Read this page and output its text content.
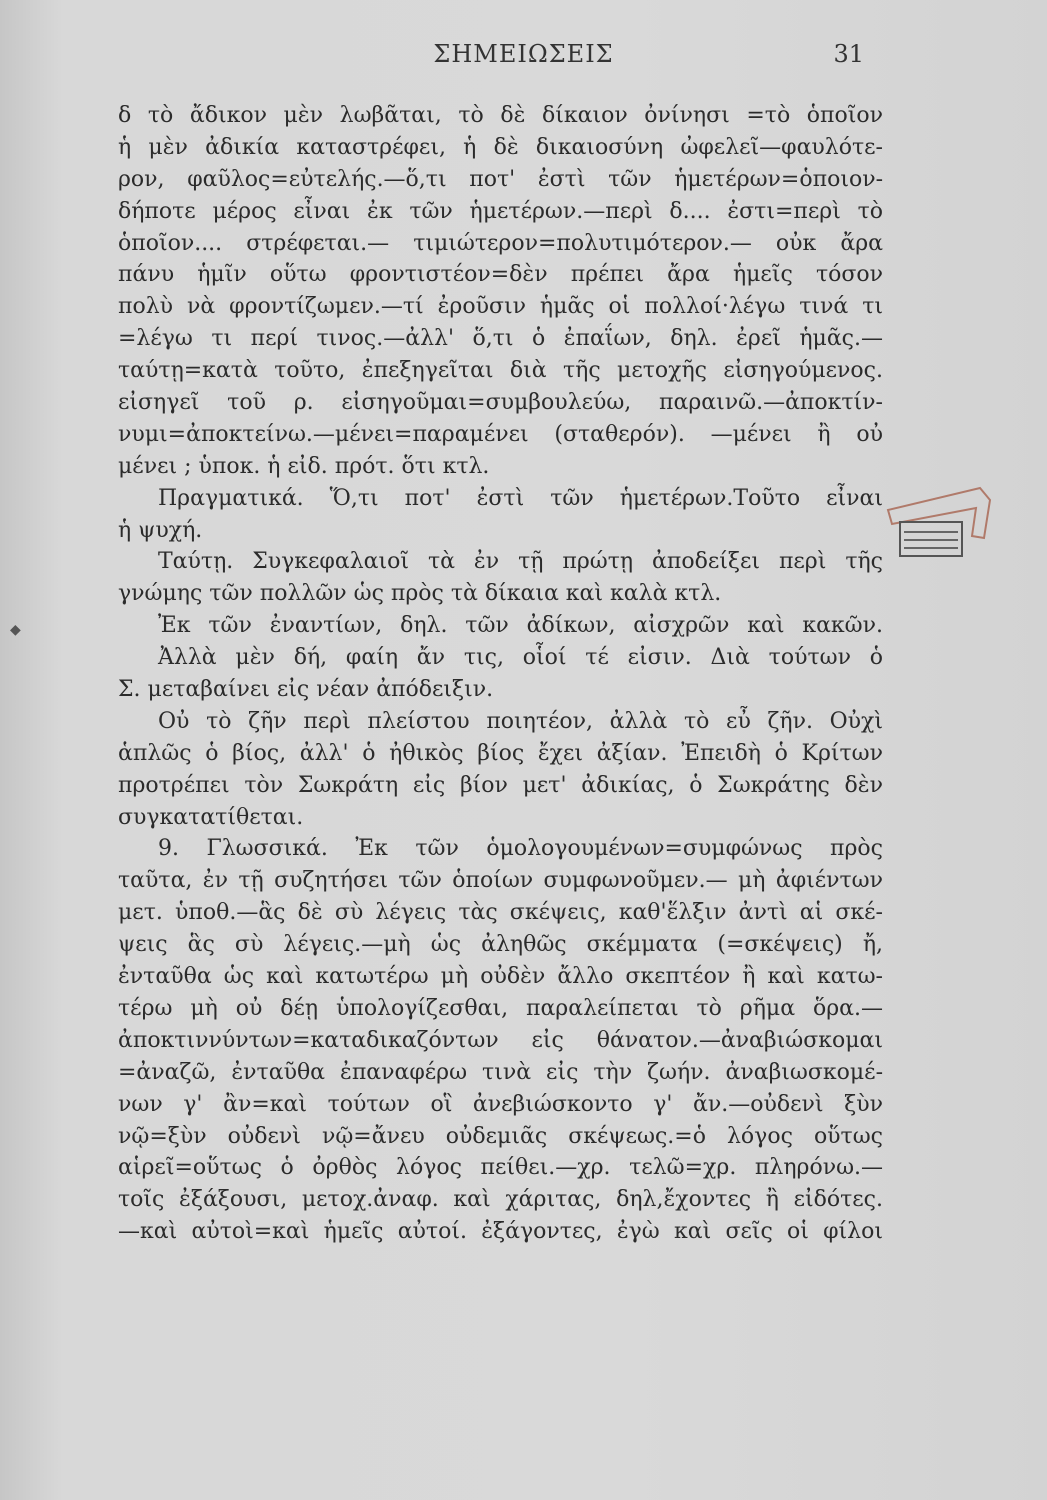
ΣΗΜΕΙΩΣΕΙΣ	31
◆
δ τὸ ἄδικον μὲν λωβᾶται, τὸ δὲ δίκαιον ὀνίνησι =τὸ ὁποῖον
ἡ μὲν ἀδικία καταστρέφει, ἡ δὲ δικαιοσύνη ὠφελεῖ—φαυλότε-
ρον, φαῦλος=εὐτελής.—ὅ,τι ποτ' ἐστὶ τῶν ἡμετέρων=ὁποιον-
δήποτε μέρος εἶναι ἐκ τῶν ἡμετέρων.—περὶ δ.... ἐστι=περὶ τὸ
ὁποῖον.... στρέφεται.— τιμιώτερον=πολυτιμότερον.— οὐκ ἄρα
πάνυ ἡμῖν οὕτω φροντιστέον=δὲν πρέπει ἄρα ἡμεῖς τόσον
πολὺ νὰ φροντίζωμεν.—τί ἐροῦσιν ἡμᾶς οἱ πολλοί·λέγω τινά τι
=λέγω τι περί τινος.—ἀλλ' ὅ,τι ὁ ἐπαΐων, δηλ. ἐρεῖ ἡμᾶς.—
ταύτῃ=κατὰ τοῦτο, ἐπεξηγεῖται διὰ τῆς μετοχῆς εἰσηγούμενος.
εἰσηγεῖ τοῦ ρ. εἰσηγοῦμαι=συμβουλεύω, παραινῶ.—ἀποκτίν-
νυμι=ἀποκτείνω.—μένει=παραμένει (σταθερόν). —μένει ἢ οὐ
μένει ; ὑποκ. ἡ εἰδ. πρότ. ὅτι κτλ.
Πραγματικά. Ὅ,τι ποτ' ἐστὶ τῶν ἡμετέρων.Τοῦτο εἶναι
ἡ ψυχή.
Ταύτῃ. Συγκεφαλαιοῖ τὰ ἐν τῇ πρώτῃ ἀποδείξει περὶ τῆς
γνώμης τῶν πολλῶν ὡς πρὸς τὰ δίκαια καὶ καλὰ κτλ.
Ἐκ τῶν ἐναντίων, δηλ. τῶν ἀδίκων, αἰσχρῶν καὶ κακῶν.
Ἀλλὰ μὲν δή, φαίη ἄν τις, οἷοί τέ εἰσιν. Διὰ τούτων ὁ
Σ. μεταβαίνει εἰς νέαν ἀπόδειξιν.
Οὐ τὸ ζῆν περὶ πλείστου ποιητέον, ἀλλὰ τὸ εὖ ζῆν. Οὐχὶ
ἁπλῶς ὁ βίος, ἀλλ' ὁ ἠθικὸς βίος ἔχει ἀξίαν. Ἐπειδὴ ὁ Κρίτων
προτρέπει τὸν Σωκράτη εἰς βίον μετ' ἀδικίας, ὁ Σωκράτης δὲν
συγκατατίθεται.
9. Γλωσσικά. Ἐκ τῶν ὁμολογουμένων=συμφώνως πρὸς
ταῦτα, ἐν τῇ συζητήσει τῶν ὁποίων συμφωνοῦμεν.— μὴ ἀφιέντων
μετ. ὑποθ.—ἃς δὲ σὺ λέγεις τὰς σκέψεις, καθ'ἕλξιν ἀντὶ αἱ σκέ-
ψεις ἃς σὺ λέγεις.—μὴ ὡς ἀληθῶς σκέμματα (=σκέψεις) ἤ,
ἐνταῦθα ὡς καὶ κατωτέρω μὴ οὐδὲν ἄλλο σκεπτέον ἢ καὶ κατω-
τέρω μὴ οὐ δέῃ ὑπολογίζεσθαι, παραλείπεται τὸ ρῆμα ὅρα.—
ἀποκτιννύντων=καταδικαζόντων εἰς θάνατον.—ἀναβιώσκομαι
=ἀναζῶ, ἐνταῦθα ἐπαναφέρω τινὰ εἰς τὴν ζωήν. ἀναβιωσκομέ-
νων γ' ἂν=καὶ τούτων οἳ ἀνεβιώσκοντο γ' ἄν.—οὐδενὶ ξὺν
νῷ=ξὺν οὐδενὶ νῷ=ἄνευ οὐδεμιᾶς σκέψεως.=ὁ λόγος οὕτως
αἱρεῖ=οὕτως ὁ ὀρθὸς λόγος πείθει.—χρ. τελῶ=χρ. πληρόνω.—
τοῖς ἐξάξουσι, μετοχ.ἀναφ. καὶ χάριτας, δηλ,ἔχοντες ἢ εἰδότες.
—καὶ αὐτοὶ=καὶ ἡμεῖς αὐτοί. ἐξάγοντες, ἐγὼ καὶ σεῖς οἱ φίλοι
